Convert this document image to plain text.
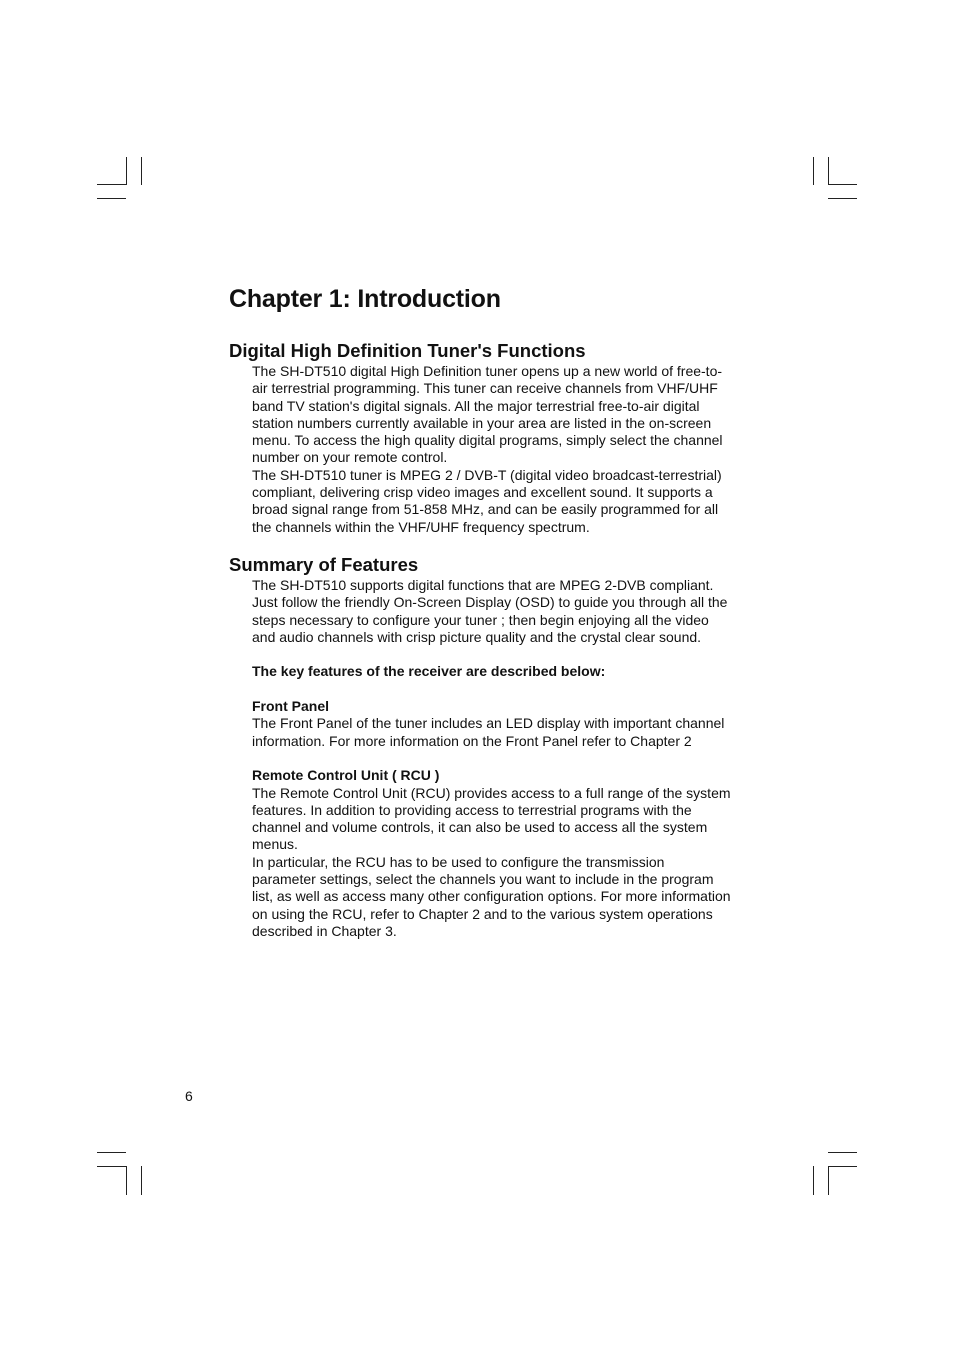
Chapter 1: Introduction
Digital High Definition Tuner's Functions

The SH-DT510 digital High Definition tuner opens up a new world of free-to-air terrestrial programming. This tuner can receive channels from VHF/UHF band TV station's digital signals. All the major terrestrial free-to-air digital station numbers currently available in your area are listed in the on-screen menu. To access the high quality digital programs, simply select the channel number on your remote control.

The SH-DT510 tuner is MPEG 2 / DVB-T (digital video broadcast-terrestrial) compliant, delivering crisp video images and excellent sound. It supports a broad signal range from 51-858 MHz, and can be easily programmed for all the channels within the VHF/UHF frequency spectrum.

Summary of Features

The SH-DT510 supports digital functions that are MPEG 2-DVB compliant. Just follow the friendly On-Screen Display (OSD) to guide you through all the steps necessary to configure your tuner ; then begin enjoying all the video and audio channels with crisp picture quality and the crystal clear sound.

The key features of the receiver are described below:

Front Panel

The Front Panel of the tuner includes an LED display with important channel information. For more information on the Front Panel refer to Chapter 2

Remote Control Unit ( RCU )

The Remote Control Unit (RCU) provides access to a full range of the system features. In addition to providing access to terrestrial programs with the channel and volume controls, it can also be used to access all the system menus.

In particular, the RCU has to be used to configure the transmission parameter settings, select the channels you want to include in the program list, as well as access many other configuration options. For more information on using the RCU, refer to Chapter 2 and to the various system operations described in Chapter 3.

6
